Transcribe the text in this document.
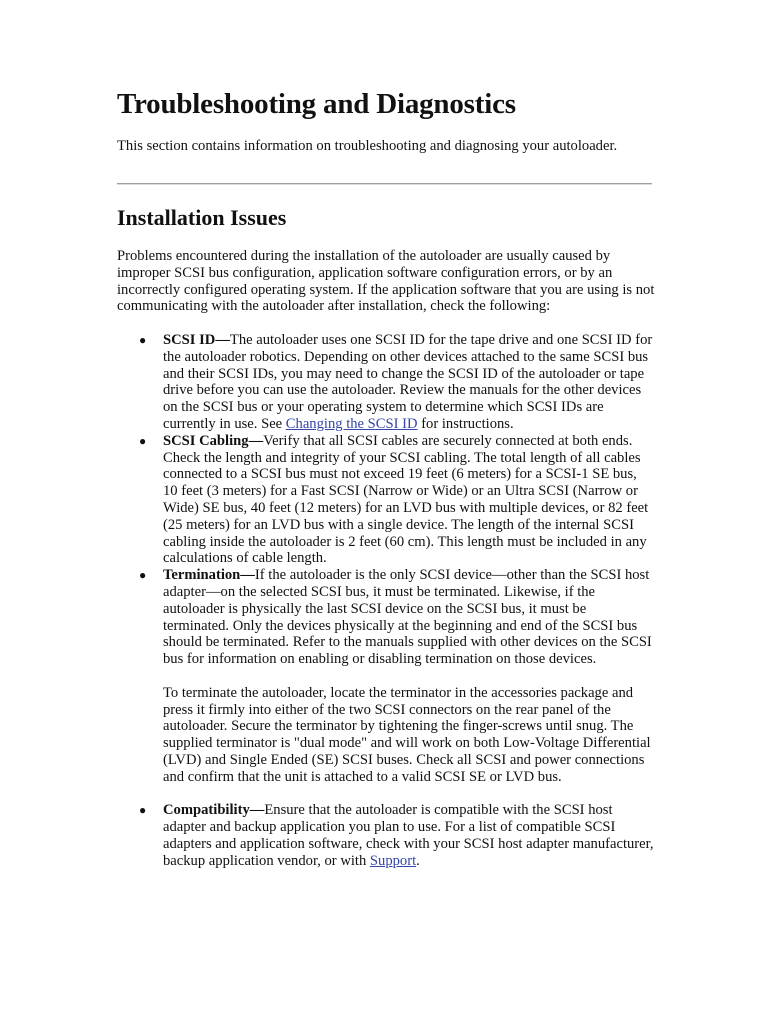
Troubleshooting and Diagnostics

This section contains information on troubleshooting and diagnosing your autoloader.

Installation Issues

Problems encountered during the installation of the autoloader are usually caused by improper SCSI bus configuration, application software configuration errors, or by an incorrectly configured operating system. If the application software that you are using is not communicating with the autoloader after installation, check the following:

● SCSI ID—The autoloader uses one SCSI ID for the tape drive and one SCSI ID for the autoloader robotics. Depending on other devices attached to the same SCSI bus and their SCSI IDs, you may need to change the SCSI ID of the autoloader or tape drive before you can use the autoloader. Review the manuals for the other devices on the SCSI bus or your operating system to determine which SCSI IDs are currently in use. See Changing the SCSI ID for instructions.
● SCSI Cabling—Verify that all SCSI cables are securely connected at both ends. Check the length and integrity of your SCSI cabling. The total length of all cables connected to a SCSI bus must not exceed 19 feet (6 meters) for a SCSI-1 SE bus, 10 feet (3 meters) for a Fast SCSI (Narrow or Wide) or an Ultra SCSI (Narrow or Wide) SE bus, 40 feet (12 meters) for an LVD bus with multiple devices, or 82 feet (25 meters) for an LVD bus with a single device. The length of the internal SCSI cabling inside the autoloader is 2 feet (60 cm). This length must be included in any calculations of cable length.
● Termination—If the autoloader is the only SCSI device—other than the SCSI host adapter—on the selected SCSI bus, it must be terminated. Likewise, if the autoloader is physically the last SCSI device on the SCSI bus, it must be terminated. Only the devices physically at the beginning and end of the SCSI bus should be terminated. Refer to the manuals supplied with other devices on the SCSI bus for information on enabling or disabling termination on those devices.
To terminate the autoloader, locate the terminator in the accessories package and press it firmly into either of the two SCSI connectors on the rear panel of the autoloader. Secure the terminator by tightening the finger-screws until snug. The supplied terminator is "dual mode" and will work on both Low-Voltage Differential (LVD) and Single Ended (SE) SCSI buses. Check all SCSI and power connections and confirm that the unit is attached to a valid SCSI SE or LVD bus.
● Compatibility—Ensure that the autoloader is compatible with the SCSI host adapter and backup application you plan to use. For a list of compatible SCSI adapters and application software, check with your SCSI host adapter manufacturer, backup application vendor, or with Support.
